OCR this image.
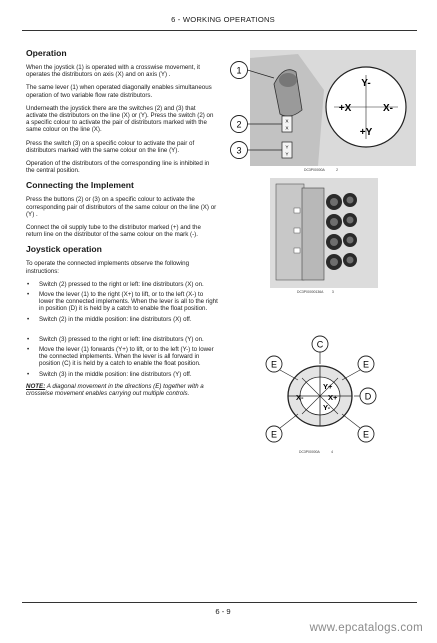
6 - WORKING OPERATIONS
Operation

When the joystick (1) is operated with a crosswise movement, it operates the distributors on axis (X) and on axis (Y) .

The same lever (1) when operated diagonally enables simultaneous operation of two variable flow rate distributors.

Underneath the joystick there are the switches (2) and (3) that activate the distributors on the line (X) or (Y). Press the switch (2) on a specific colour to activate the pair of distributors marked with the same colour on the line (X).

Press the switch (3) on a specific colour to activate the pair of distributors marked with the same colour on the line (Y).

Operation of the distributors of the corresponding line is inhibited in the central position.

Connecting the Implement

Press the buttons (2) or (3) on a specific colour to activate the corresponding pair of distributors of the same colour on the line (X) or (Y) .

Connect the oil supply tube to the distributor marked (+) and the return line on the distributor of the same colour on the mark (-).

Joystick operation

To operate the connected implements observe the following instructions:

• Switch (2) pressed to the right or left: line distributors (X) on.
• Move the lever (1) to the right (X+) to lift, or to the left (X-) to lower the connected implements. When the lever is all to the right in position (D) it is held by a catch to enable the float position.
• Switch (2) in the middle position: line distributors (X) off.
• Switch (3) pressed to the right or left: line distributors (Y) on.
• Move the lever (1) forwards (Y+) to lift, or to the left (Y-) to lower the connected implements. When the lever is all forward in position (C) it is held by a catch to enable the float position.
• Switch (3) in the middle position: line distributors (Y) off.

NOTE: A diagonal movement in the directions (E) together with a crosswise movement enables carrying out multiple controls.

X
X
Y
Y
1
2
3
Y-
+X	X-
+Y
DC3P00000A	2
DC3P00000136A 3
Y+
Y-
X+
X-
C
D
E	E
E	E
DC3P00000A	4
6 - 9
www.epcatalogs.com
